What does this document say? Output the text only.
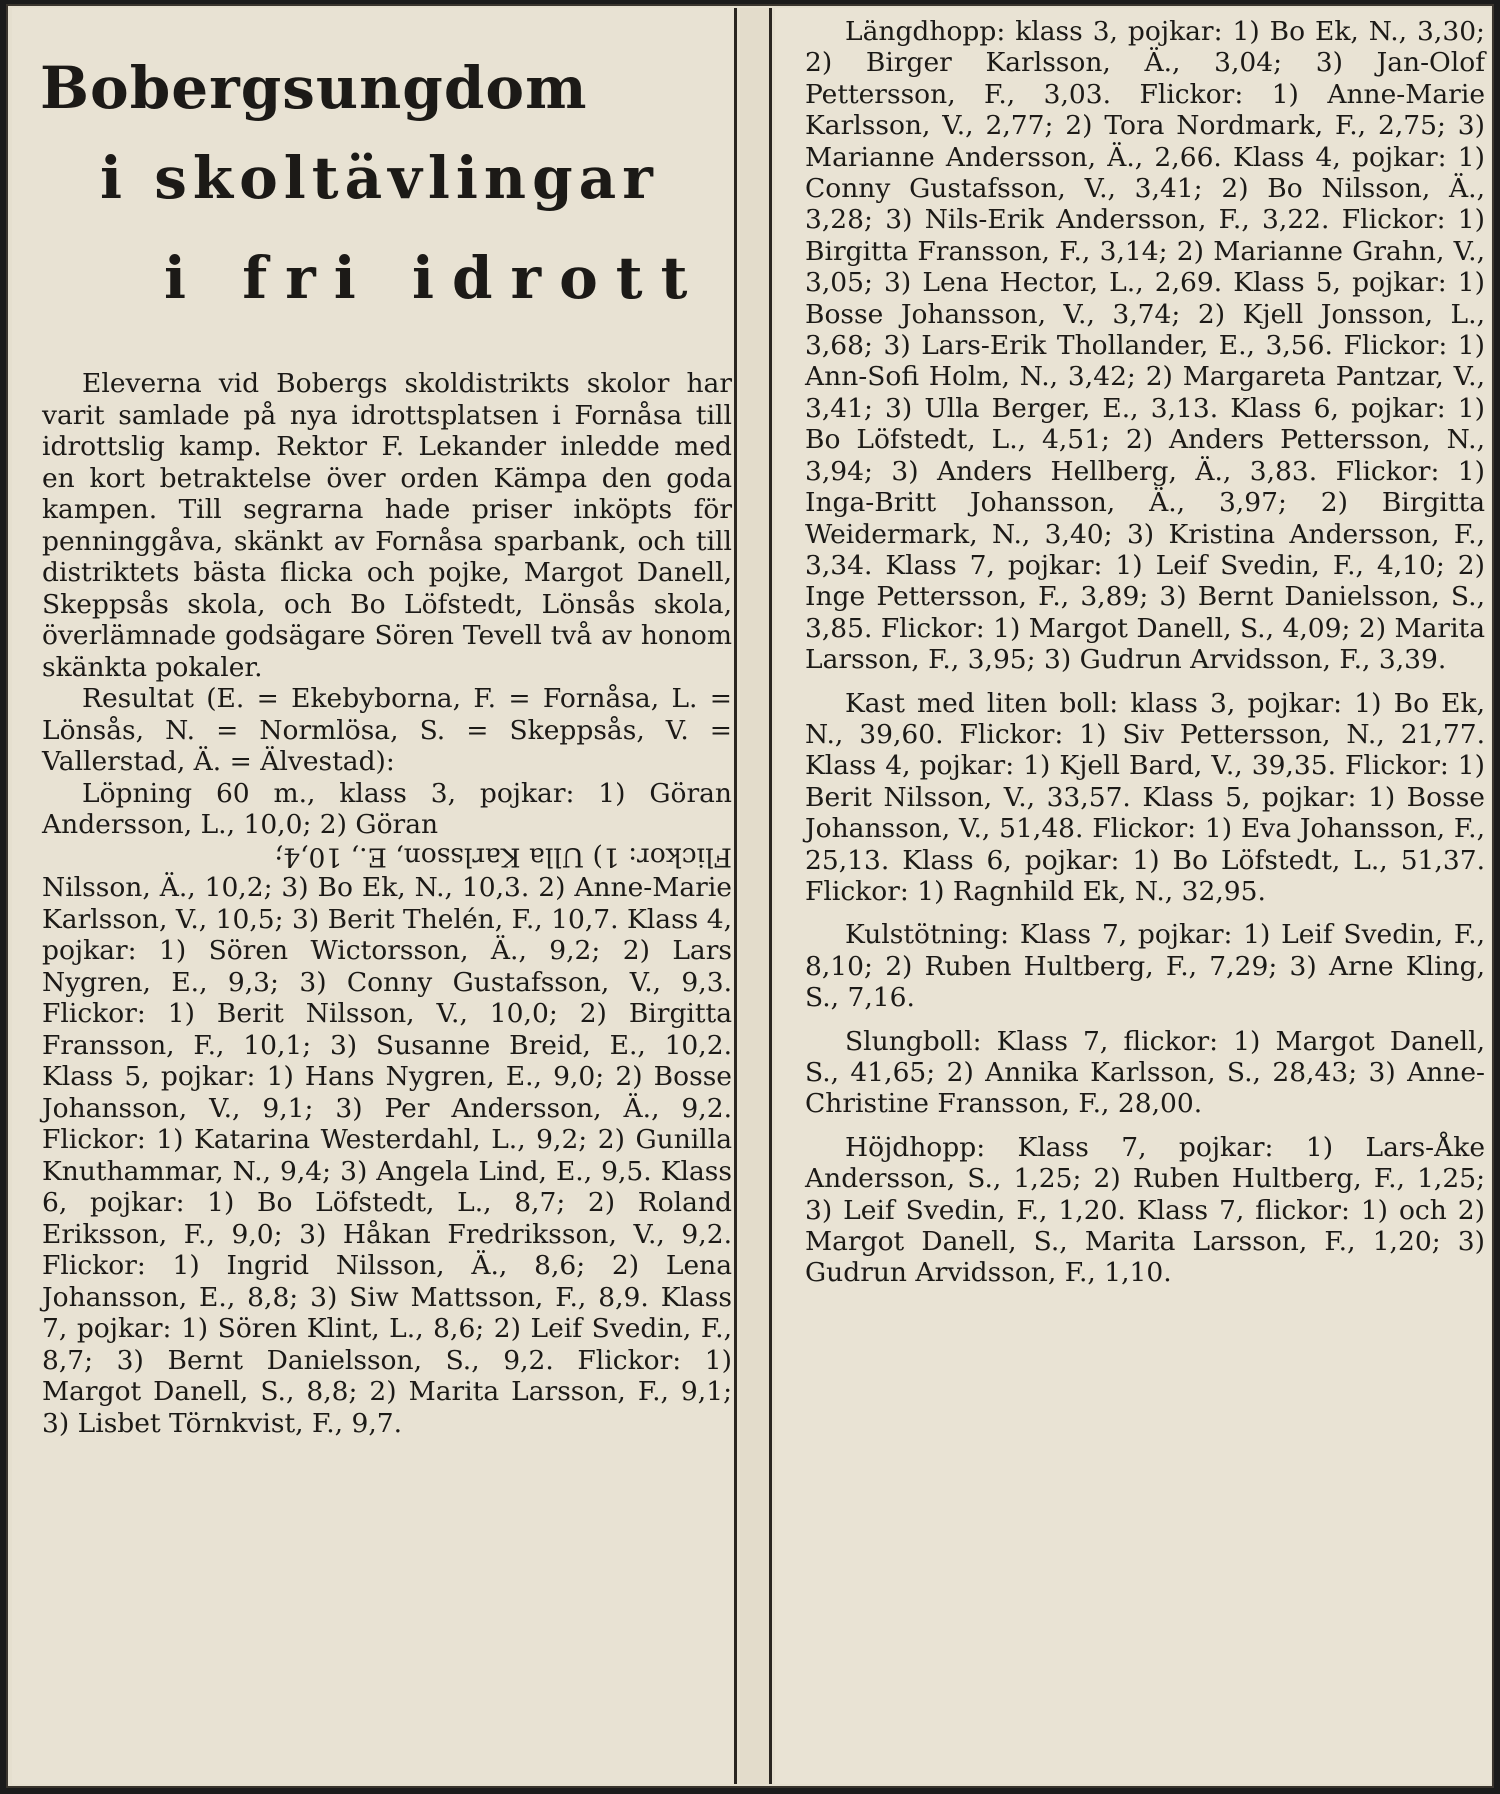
Bobergsungdom
i skoltävlingar
i fri idrott

Eleverna vid Bobergs skoldistrikts skolor har varit samlade på nya idrottsplatsen i Fornåsa till idrottslig kamp. Rektor F. Lekander inledde med en kort betraktelse över orden Kämpa den goda kampen. Till segrarna hade priser inköpts för penninggåva, skänkt av Fornåsa sparbank, och till distriktets bästa flicka och pojke, Margot Danell, Skeppsås skola, och Bo Löfstedt, Lönsås skola, överlämnade godsägare Sören Tevell två av honom skänkta pokaler.

Resultat (E. = Ekebyborna, F. = Fornåsa, L. = Lönsås, N. = Normlösa, S. = Skeppsås, V. = Vallerstad, Ä. = Älvestad):

Löpning 60 m., klass 3, pojkar: 1) Göran Andersson, L., 10,0; 2) Göran

Flickor: 1) Ulla Karlsson, E., 10,4;

Nilsson, Ä., 10,2; 3) Bo Ek, N., 10,3. 2) Anne-Marie Karlsson, V., 10,5; 3) Berit Thelén, F., 10,7. Klass 4, pojkar: 1) Sören Wictorsson, Ä., 9,2; 2) Lars Nygren, E., 9,3; 3) Conny Gustafsson, V., 9,3. Flickor: 1) Berit Nilsson, V., 10,0; 2) Birgitta Fransson, F., 10,1; 3) Susanne Breid, E., 10,2. Klass 5, pojkar: 1) Hans Nygren, E., 9,0; 2) Bosse Johansson, V., 9,1; 3) Per Andersson, Ä., 9,2. Flickor: 1) Katarina Westerdahl, L., 9,2; 2) Gunilla Knuthammar, N., 9,4; 3) Angela Lind, E., 9,5. Klass 6, pojkar: 1) Bo Löfstedt, L., 8,7; 2) Roland Eriksson, F., 9,0; 3) Håkan Fredriksson, V., 9,2. Flickor: 1) Ingrid Nilsson, Ä., 8,6; 2) Lena Johansson, E., 8,8; 3) Siw Mattsson, F., 8,9. Klass 7, pojkar: 1) Sören Klint, L., 8,6; 2) Leif Svedin, F., 8,7; 3) Bernt Danielsson, S., 9,2. Flickor: 1) Margot Danell, S., 8,8; 2) Marita Larsson, F., 9,1; 3) Lisbet Törnkvist, F., 9,7.

Längdhopp: klass 3, pojkar: 1) Bo Ek, N., 3,30; 2) Birger Karlsson, Ä., 3,04; 3) Jan-Olof Pettersson, F., 3,03. Flickor: 1) Anne-Marie Karlsson, V., 2,77; 2) Tora Nordmark, F., 2,75; 3) Marianne Andersson, Ä., 2,66. Klass 4, pojkar: 1) Conny Gustafsson, V., 3,41; 2) Bo Nilsson, Ä., 3,28; 3) Nils-Erik Andersson, F., 3,22. Flickor: 1) Birgitta Fransson, F., 3,14; 2) Marianne Grahn, V., 3,05; 3) Lena Hector, L., 2,69. Klass 5, pojkar: 1) Bosse Johansson, V., 3,74; 2) Kjell Jonsson, L., 3,68; 3) Lars-Erik Thollander, E., 3,56. Flickor: 1) Ann-Sofi Holm, N., 3,42; 2) Margareta Pantzar, V., 3,41; 3) Ulla Berger, E., 3,13. Klass 6, pojkar: 1) Bo Löfstedt, L., 4,51; 2) Anders Pettersson, N., 3,94; 3) Anders Hellberg, Ä., 3,83. Flickor: 1) Inga-Britt Johansson, Ä., 3,97; 2) Birgitta Weidermark, N., 3,40; 3) Kristina Andersson, F., 3,34. Klass 7, pojkar: 1) Leif Svedin, F., 4,10; 2) Inge Pettersson, F., 3,89; 3) Bernt Danielsson, S., 3,85. Flickor: 1) Margot Danell, S., 4,09; 2) Marita Larsson, F., 3,95; 3) Gudrun Arvidsson, F., 3,39.

Kast med liten boll: klass 3, pojkar: 1) Bo Ek, N., 39,60. Flickor: 1) Siv Pettersson, N., 21,77. Klass 4, pojkar: 1) Kjell Bard, V., 39,35. Flickor: 1) Berit Nilsson, V., 33,57. Klass 5, pojkar: 1) Bosse Johansson, V., 51,48. Flickor: 1) Eva Johansson, F., 25,13. Klass 6, pojkar: 1) Bo Löfstedt, L., 51,37. Flickor: 1) Ragnhild Ek, N., 32,95.

Kulstötning: Klass 7, pojkar: 1) Leif Svedin, F., 8,10; 2) Ruben Hultberg, F., 7,29; 3) Arne Kling, S., 7,16.

Slungboll: Klass 7, flickor: 1) Margot Danell, S., 41,65; 2) Annika Karlsson, S., 28,43; 3) Anne-Christine Fransson, F., 28,00.

Höjdhopp: Klass 7, pojkar: 1) Lars-Åke Andersson, S., 1,25; 2) Ruben Hultberg, F., 1,25; 3) Leif Svedin, F., 1,20. Klass 7, flickor: 1) och 2) Margot Danell, S., Marita Larsson, F., 1,20; 3) Gudrun Arvidsson, F., 1,10.
